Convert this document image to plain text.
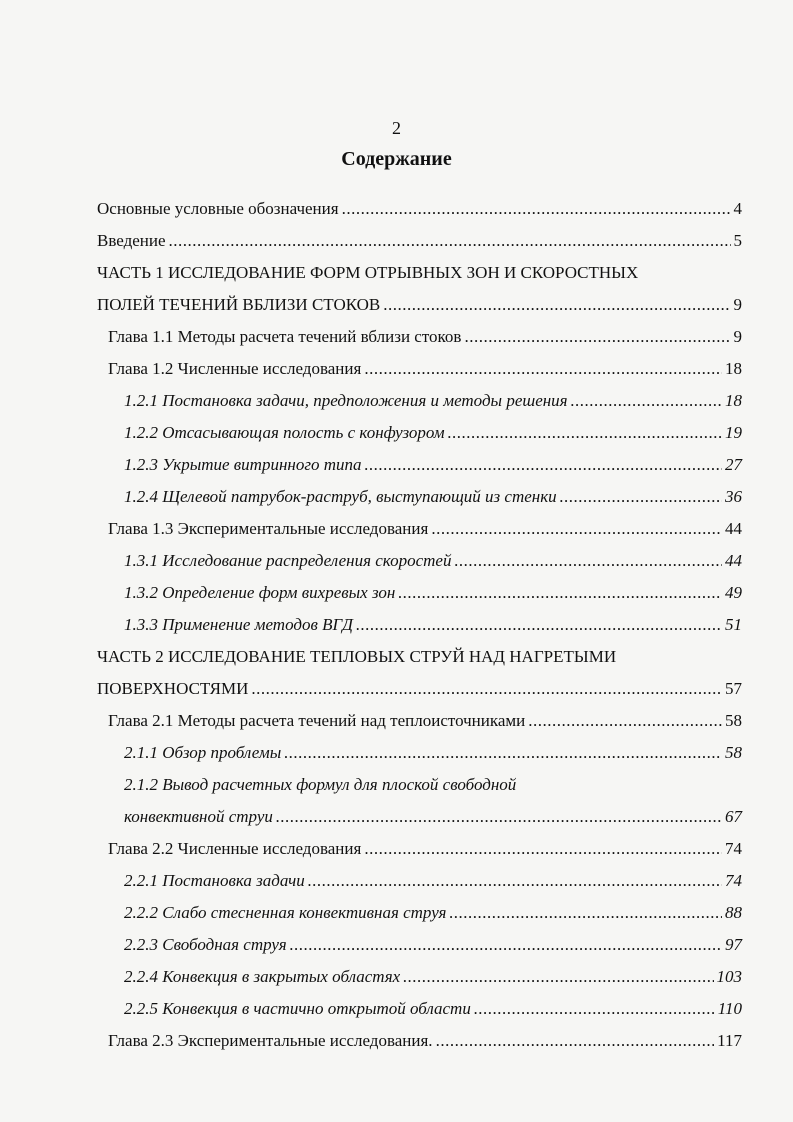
2
Содержание
Основные условные обозначения .....	4
Введение .....	5
ЧАСТЬ 1 ИССЛЕДОВАНИЕ ФОРМ ОТРЫВНЫХ ЗОН И СКОРОСТНЫХ
ПОЛЕЙ ТЕЧЕНИЙ ВБЛИЗИ СТОКОВ .....	9
Глава 1.1 Методы расчета течений вблизи стоков .....	9
Глава 1.2 Численные исследования .....	18
1.2.1 Постановка задачи, предположения и методы решения .....	18
1.2.2 Отсасывающая полость с конфузором .....	19
1.2.3 Укрытие витринного типа .....	27
1.2.4 Щелевой патрубок-раструб, выступающий из стенки .....	36
Глава 1.3 Экспериментальные исследования .....	44
1.3.1 Исследование распределения скоростей .....	44
1.3.2 Определение форм вихревых зон .....	49
1.3.3 Применение методов ВГД .....	51
ЧАСТЬ 2 ИССЛЕДОВАНИЕ ТЕПЛОВЫХ СТРУЙ НАД НАГРЕТЫМИ
ПОВЕРХНОСТЯМИ .....	57
Глава 2.1 Методы расчета течений над теплоисточниками .....	58
2.1.1 Обзор проблемы .....	58
2.1.2 Вывод расчетных формул для плоской свободной
конвективной струи .....	67
Глава 2.2 Численные исследования .....	74
2.2.1 Постановка задачи .....	74
2.2.2 Слабо стесненная конвективная струя .....	88
2.2.3 Свободная струя .....	97
2.2.4 Конвекция в закрытых областях .....	103
2.2.5 Конвекция в частично открытой области .....	110
Глава 2.3 Экспериментальные исследования. .....	117
